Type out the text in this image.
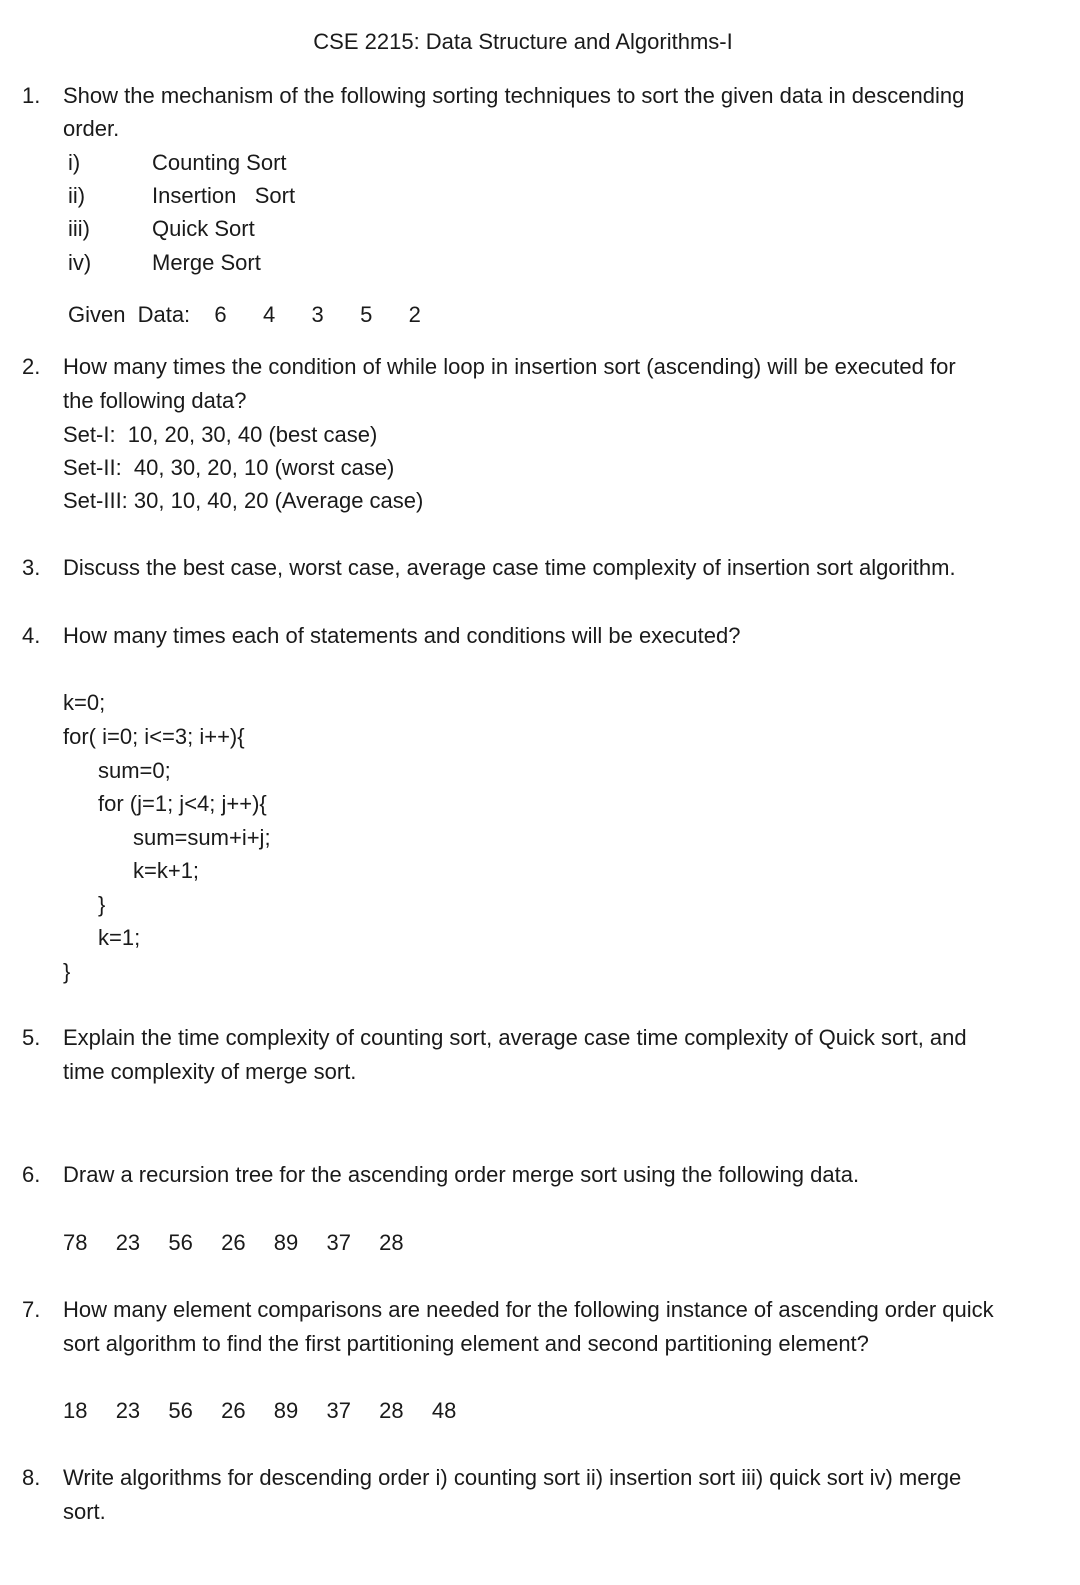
CSE 2215: Data Structure and Algorithms-I
1. Show the mechanism of the following sorting techniques to sort the given data in descending
order.
i)	Counting Sort
ii)	Insertion   Sort
iii)	Quick Sort
iv)	Merge Sort
Given Data:  6   4   3   5   2
2. How many times the condition of while loop in insertion sort (ascending) will be executed for
the following data?
Set-I:  10, 20, 30, 40 (best case)
Set-II:  40, 30, 20, 10 (worst case)
Set-III: 30, 10, 40, 20 (Average case)
3. Discuss the best case, worst case, average case time complexity of insertion sort algorithm.
4. How many times each of statements and conditions will be executed?
k=0;
for( i=0; i<=3; i++){
sum=0;
for (j=1; j<4; j++){
sum=sum+i+j;
k=k+1;
}
k=1;
}
5. Explain the time complexity of counting sort, average case time complexity of Quick sort, and
time complexity of merge sort.
6. Draw a recursion tree for the ascending order merge sort using the following data.
78  23  56  26  89  37  28
7. How many element comparisons are needed for the following instance of ascending order quick
sort algorithm to find the first partitioning element and second partitioning element?
18  23  56  26  89  37  28  48
8. Write algorithms for descending order i) counting sort ii) insertion sort iii) quick sort iv) merge
sort.
